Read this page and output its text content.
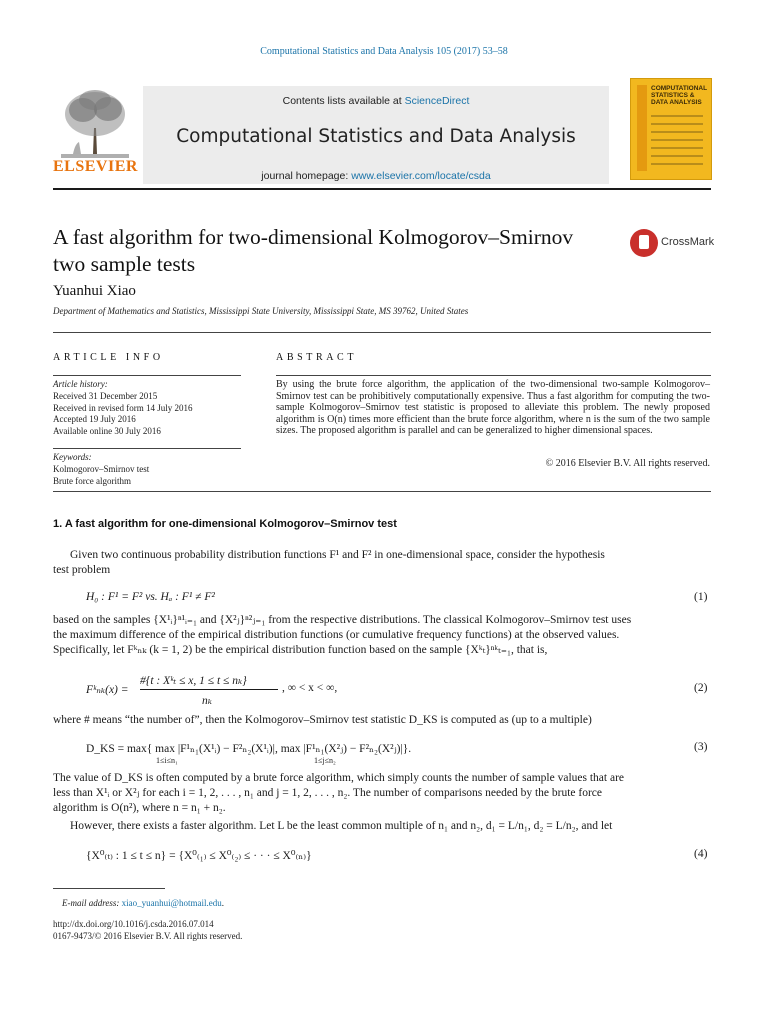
Computational Statistics and Data Analysis 105 (2017) 53–58
ELSEVIER
Contents lists available at ScienceDirect
Computational Statistics and Data Analysis
journal homepage: www.elsevier.com/locate/csda
COMPUTATIONAL STATISTICS & DATA ANALYSIS
A fast algorithm for two-dimensional Kolmogorov–Smirnov
two sample tests
CrossMark
Yuanhui Xiao
Department of Mathematics and Statistics, Mississippi State University, Mississippi State, MS 39762, United States
ARTICLE INFO
Article history:
Received 31 December 2015
Received in revised form 14 July 2016
Accepted 19 July 2016
Available online 30 July 2016
Keywords:
Kolmogorov–Smirnov test
Brute force algorithm
ABSTRACT
By using the brute force algorithm, the application of the two-dimensional two-sample Kolmogorov–Smirnov test can be prohibitively computationally expensive. Thus a fast algorithm for computing the two-sample Kolmogorov–Smirnov test statistic is proposed to alleviate this problem. The newly proposed algorithm is O(n) times more efficient than the brute force algorithm, where n is the sum of the two sample sizes. The proposed algorithm is parallel and can be generalized to higher dimensional spaces.
© 2016 Elsevier B.V. All rights reserved.
1. A fast algorithm for one-dimensional Kolmogorov–Smirnov test
Given two continuous probability distribution functions F¹ and F² in one-dimensional space, consider the hypothesis
test problem
H₀ : F¹ = F² vs. Hₐ : F¹ ≠ F²	(1)
based on the samples {X¹ᵢ}ⁿ¹ᵢ₌₁ and {X²ⱼ}ⁿ²ⱼ₌₁ from the respective distributions. The classical Kolmogorov–Smirnov test uses
the maximum difference of the empirical distribution functions (or cumulative frequency functions) at the observed values.
Specifically, let Fᵏₙₖ (k = 1, 2) be the empirical distribution function based on the sample {Xᵏₜ}ⁿᵏₜ₌₁, that is,
Fᵏₙₖ(x) =
#{t : Xᵏₜ ≤ x, 1 ≤ t ≤ nₖ}
nₖ
, ∞ < x < ∞,	(2)
where # means “the number of”, then the Kolmogorov–Smirnov test statistic D_KS is computed as (up to a multiple)
D_KS = max{ max |F¹ₙ₁(X¹ᵢ) − F²ₙ₂(X¹ᵢ)|, max |F¹ₙ₁(X²ⱼ) − F²ₙ₂(X²ⱼ)|}.
1≤i≤n₁	1≤j≤n₂
(3)
The value of D_KS is often computed by a brute force algorithm, which simply counts the number of sample values that are
less than X¹ᵢ or X²ⱼ for each i = 1, 2, . . . , n₁ and j = 1, 2, . . . , n₂. The number of comparisons needed by the brute force
algorithm is O(n²), where n = n₁ + n₂.
However, there exists a faster algorithm. Let L be the least common multiple of n₁ and n₂, d₁ = L/n₁, d₂ = L/n₂, and let
{X⁰₍ₜ₎ : 1 ≤ t ≤ n} = {X⁰₍₁₎ ≤ X⁰₍₂₎ ≤ · · · ≤ X⁰₍ₙ₎}	(4)
E-mail address: xiao_yuanhui@hotmail.edu.
http://dx.doi.org/10.1016/j.csda.2016.07.014
0167-9473/© 2016 Elsevier B.V. All rights reserved.
